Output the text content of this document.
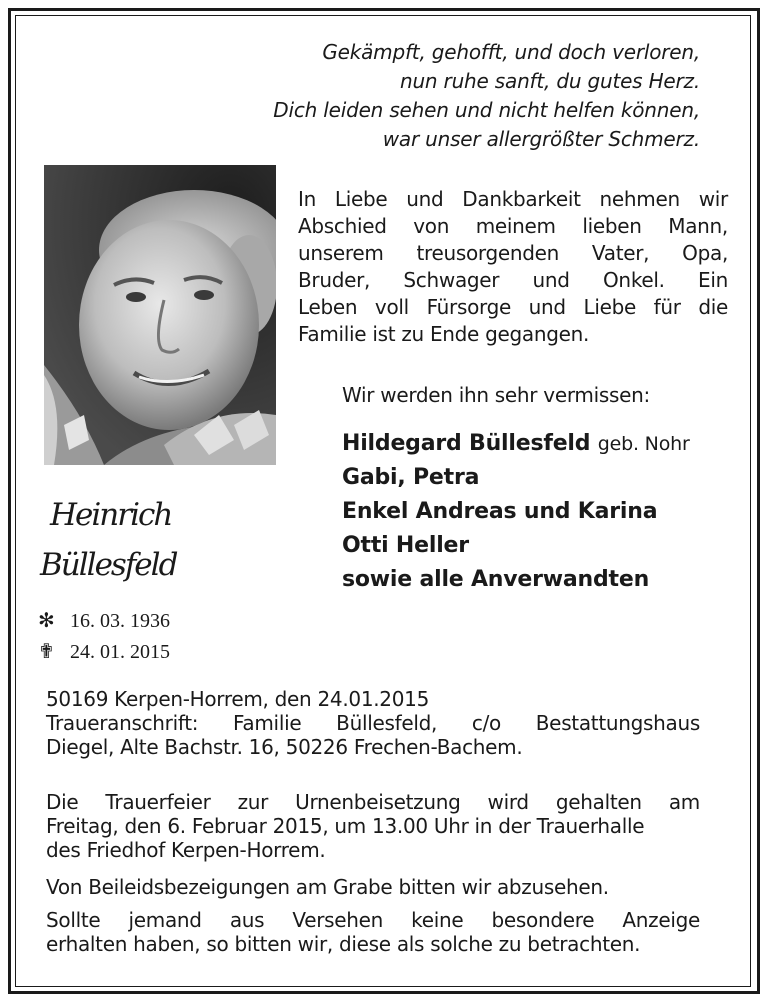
Gekämpft, gehofft, und doch verloren,
nun ruhe sanft, du gutes Herz.
Dich leiden sehen und nicht helfen können,
war unser allergrößter Schmerz.
In Liebe und Dankbarkeit nehmen wir
Abschied von meinem lieben Mann,
unserem treusorgenden Vater, Opa,
Bruder, Schwager und Onkel. Ein
Leben voll Fürsorge und Liebe für die
Familie ist zu Ende gegangen.
Wir werden ihn sehr vermissen:
Hildegard Büllesfeld geb. Nohr
Gabi, Petra
Enkel Andreas und Karina
Otti Heller
sowie alle Anverwandten
Heinrich
Büllesfeld
✻ 16. 03. 1936
✟ 24. 01. 2015
50169 Kerpen-Horrem, den 24.01.2015
Traueranschrift: Familie Büllesfeld, c/o Bestattungshaus
Diegel, Alte Bachstr. 16, 50226 Frechen-Bachem.
Die Trauerfeier zur Urnenbeisetzung wird gehalten am
Freitag, den 6. Februar 2015, um 13.00 Uhr in der Trauerhalle
des Friedhof Kerpen-Horrem.
Von Beileidsbezeigungen am Grabe bitten wir abzusehen.
Sollte jemand aus Versehen keine besondere Anzeige
erhalten haben, so bitten wir, diese als solche zu betrachten.
